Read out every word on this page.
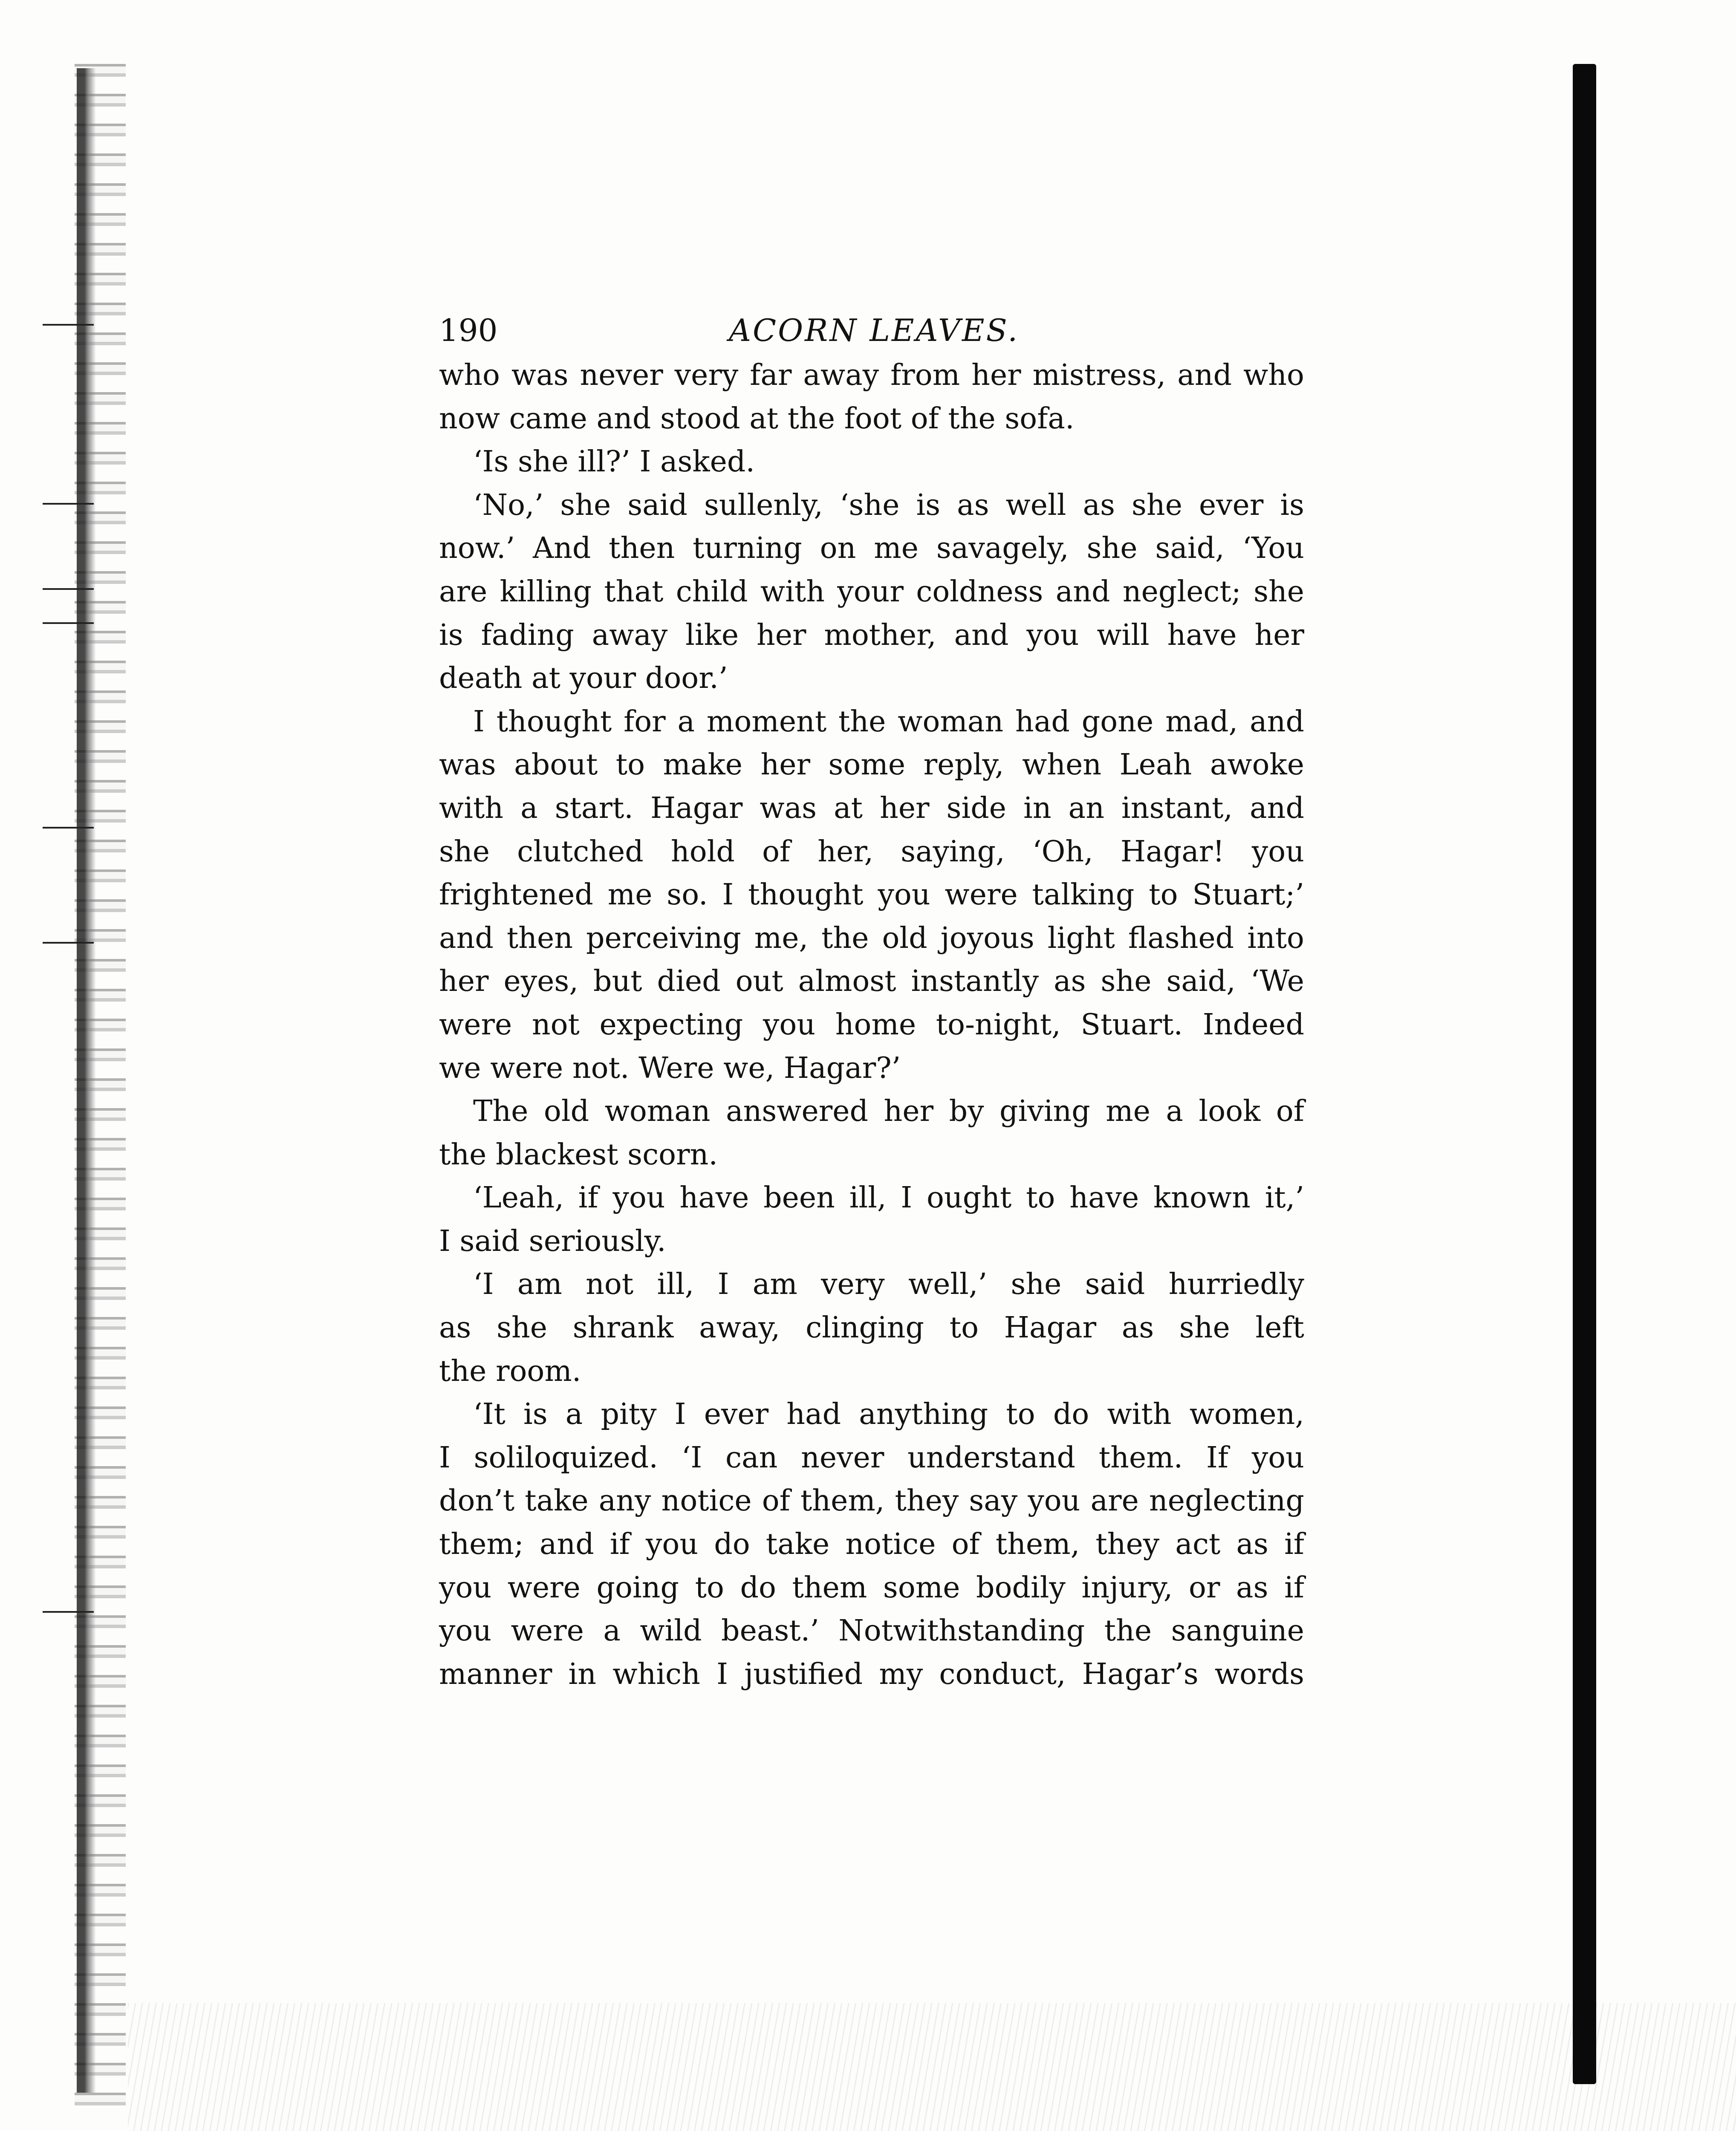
190	ACORN LEAVES.
who was never very far away from her mistress, and who
now came and stood at the foot of the sofa.
‘Is she ill?’ I asked.
‘No,’ she said sullenly, ‘she is as well as she ever is
now.’ And then turning on me savagely, she said, ‘You
are killing that child with your coldness and neglect; she
is fading away like her mother, and you will have her
death at your door.’
I thought for a moment the woman had gone mad, and
was about to make her some reply, when Leah awoke
with a start. Hagar was at her side in an instant, and
she clutched hold of her, saying, ‘Oh, Hagar! you
frightened me so. I thought you were talking to Stuart;’
and then perceiving me, the old joyous light flashed into
her eyes, but died out almost instantly as she said, ‘We
were not expecting you home to-night, Stuart. Indeed
we were not. Were we, Hagar?’
The old woman answered her by giving me a look of
the blackest scorn.
‘Leah, if you have been ill, I ought to have known it,’
I said seriously.
‘I am not ill, I am very well,’ she said hurriedly
as she shrank away, clinging to Hagar as she left
the room.
‘It is a pity I ever had anything to do with women,
I soliloquized. ‘I can never understand them. If you
don’t take any notice of them, they say you are neglecting
them; and if you do take notice of them, they act as if
you were going to do them some bodily injury, or as if
you were a wild beast.’ Notwithstanding the sanguine
manner in which I justified my conduct, Hagar’s words
